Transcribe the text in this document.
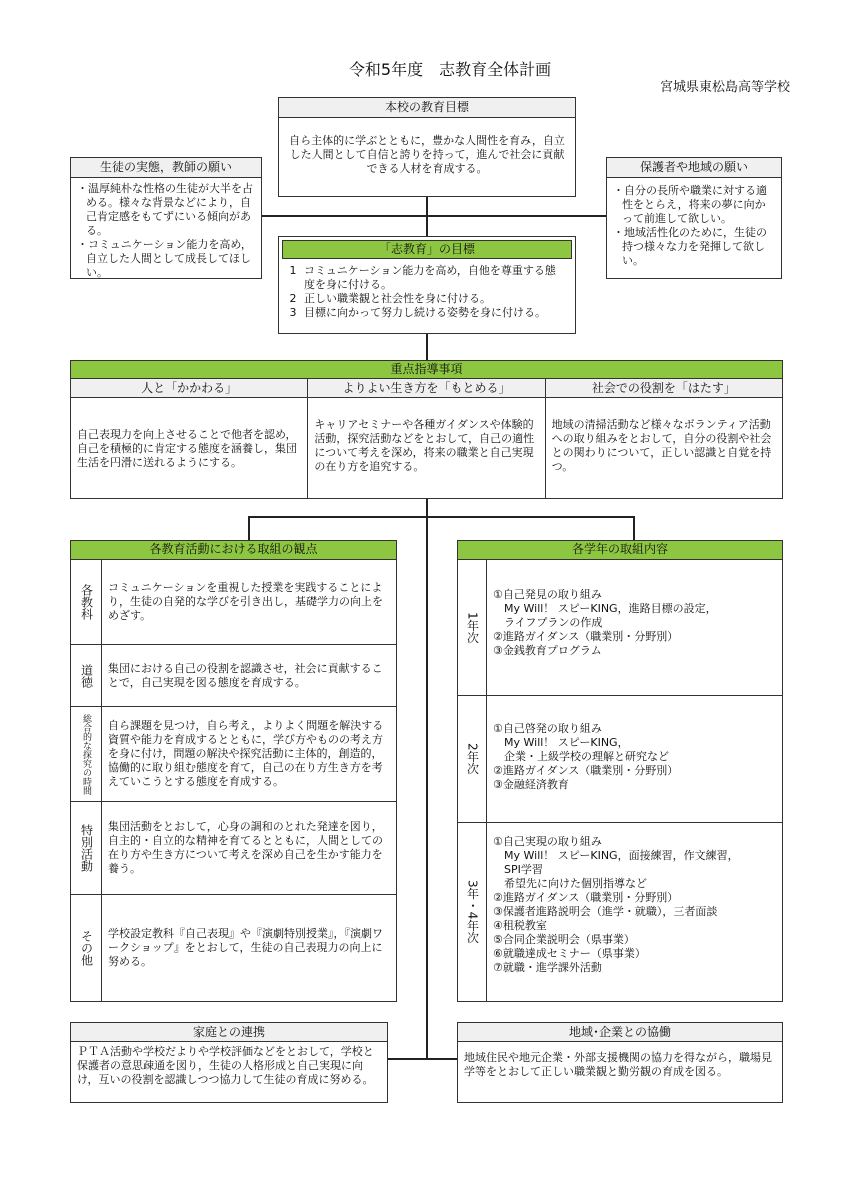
令和5年度　志教育全体計画
宮城県東松島高等学校
本校の教育目標
自ら主体的に学ぶとともに，豊かな人間性を育み，自立した人間として自信と誇りを持って，進んで社会に貢献できる人材を育成する。
生徒の実態，教師の願い
・ 温厚純朴な性格の生徒が大半を占める。様々な背景などにより，自己肯定感をもてずにいる傾向がある。
・ コミュニケーション能力を高め，自立した人間として成長してほしい。
保護者や地域の願い
・ 自分の長所や職業に対する適性をとらえ，将来の夢に向かって前進して欲しい。
・ 地域活性化のために，生徒の持つ様々な力を発揮して欲しい。
「志教育」の目標
1 コミュニケーション能力を高め，自他を尊重する態度を身に付ける。
2 正しい職業観と社会性を身に付ける。
3 目標に向かって努力し続ける姿勢を身に付ける。
重点指導事項
人と「かかわる」
自己表現力を向上させることで他者を認め，自己を積極的に肯定する態度を涵養し，集団生活を円滑に送れるようにする。
よりよい生き方を「もとめる」
キャリアセミナーや各種ガイダンスや体験的活動，探究活動などをとおして，自己の適性について考えを深め，将来の職業と自己実現の在り方を追究する。
社会での役割を「はたす」
地域の清掃活動など様々なボランティア活動への取り組みをとおして，自分の役割や社会との関わりについて，正しい認識と自覚を持つ。
各教育活動における取組の観点
各教科	コミュニケーションを重視した授業を実践することにより，生徒の自発的な学びを引き出し，基礎学力の向上をめざす。
道徳	集団における自己の役割を認識させ，社会に貢献することで，自己実現を図る態度を育成する。
総合的な探究の時間	自ら課題を見つけ，自ら考え，よりよく問題を解決する資質や能力を育成するとともに，学び方やものの考え方を身に付け，問題の解決や探究活動に主体的，創造的，協働的に取り組む態度を育て，自己の在り方生き方を考えていこうとする態度を育成する。
特別活動	集団活動をとおして，心身の調和のとれた発達を図り，自主的・自立的な精神を育てるとともに，人間としての在り方や生き方について考えを深め自己を生かす能力を養う。
その他	学校設定教科『自己表現』や『演劇特別授業』，『演劇ワークショップ』をとおして，生徒の自己表現力の向上に努める。
各学年の取組内容
1年次
①自己発見の取り組み
　My Will！ スピーKING，進路目標の設定，
　ライフプランの作成
②進路ガイダンス（職業別・分野別）
③金銭教育プログラム
2年次
①自己啓発の取り組み
　My Will！ スピーKING，
　企業・上級学校の理解と研究など
②進路ガイダンス（職業別・分野別）
③金融経済教育
3年・4年次
①自己実現の取り組み
　My Will！ スピーKING，面接練習，作文練習，
　SPI学習
　希望先に向けた個別指導など
②進路ガイダンス（職業別・分野別）
③保護者進路説明会（進学・就職），三者面談
④租税教室
⑤合同企業説明会（県事業）
⑥就職達成セミナー（県事業）
⑦就職・進学課外活動
家庭との連携
ＰＴＡ活動や学校だよりや学校評価などをとおして，学校と保護者の意思疎通を図り，生徒の人格形成と自己実現に向け，互いの役割を認識しつつ協力して生徒の育成に努める。
地域･企業との協働
地域住民や地元企業・外部支援機関の協力を得ながら，職場見学等をとおして正しい職業観と勤労観の育成を図る。
